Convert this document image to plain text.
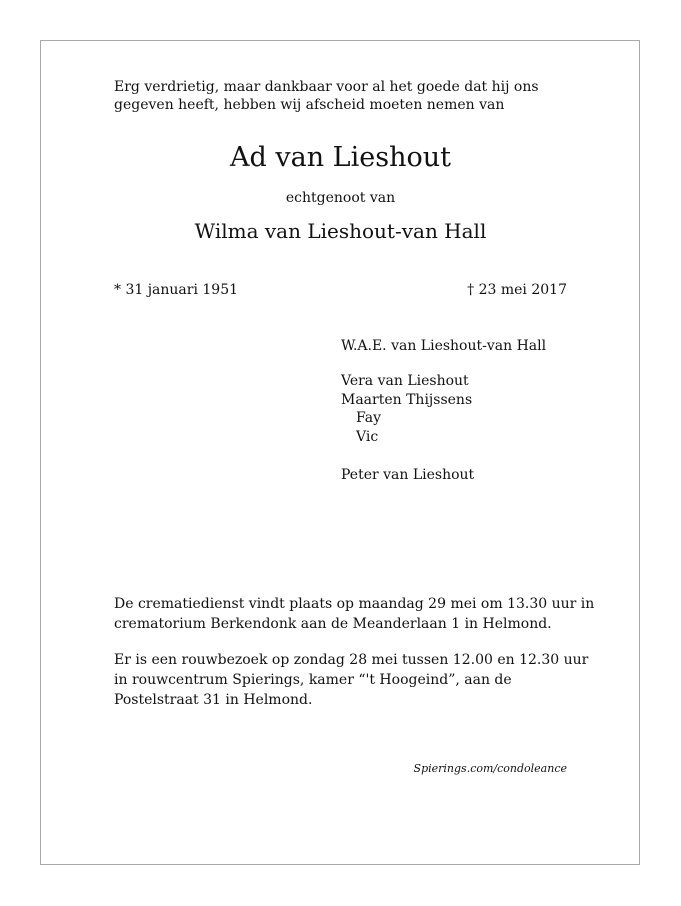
Erg verdrietig, maar dankbaar voor al het goede dat hij ons
gegeven heeft, hebben wij afscheid moeten nemen van
Ad van Lieshout
echtgenoot van
Wilma van Lieshout-van Hall
* 31 januari 1951	† 23 mei 2017
W.A.E. van Lieshout-van Hall
Vera van Lieshout
Maarten Thijssens
Fay
Vic
Peter van Lieshout
De crematiedienst vindt plaats op maandag 29 mei om 13.30 uur in
crematorium Berkendonk aan de Meanderlaan 1 in Helmond.
Er is een rouwbezoek op zondag 28 mei tussen 12.00 en 12.30 uur
in rouwcentrum Spierings, kamer “'t Hoogeind”, aan de
Postelstraat 31 in Helmond.
Spierings.com/condoleance
